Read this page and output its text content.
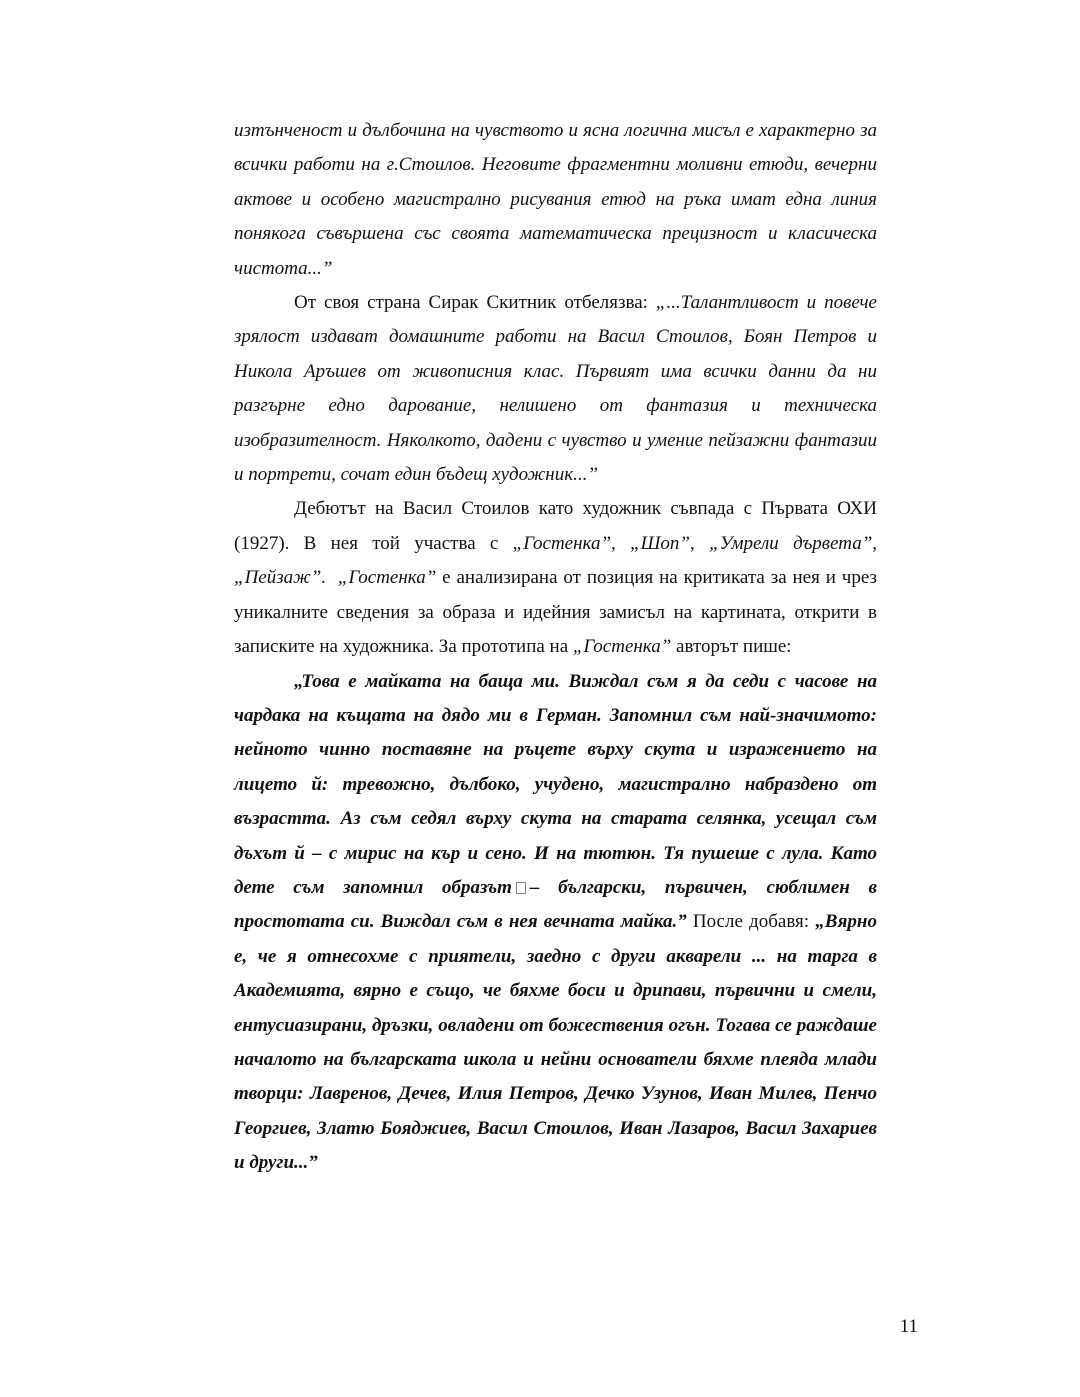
изтънченост и дълбочина на чувството и ясна логична мисъл е характерно за всички работи на г.Стоилов. Неговите фрагментни моливни етюди, вечерни актове и особено магистрално рисувания етюд на ръка имат една линия понякога съвършена със своята математическа прецизност и класическа чистота...”

От своя страна Сирак Скитник отбелязва: „...Талантливост и повече зрялост издават домашните работи на Васил Стоилов, Боян Петров и Никола Аръшев от живописния клас. Първият има всички данни да ни разгърне едно дарование, нелишено от фантазия и техническа изобразителност. Няколкото, дадени с чувство и умение пейзажни фантазии и портрети, сочат един бъдещ художник...”

Дебютът на Васил Стоилов като художник съвпада с Първата ОХИ (1927). В нея той участва с „Гостенка”, „Шоп”, „Умрели дървета”, „Пейзаж”. „Гостенка” е анализирана от позиция на критиката за нея и чрез уникалните сведения за образа и идейния замисъл на картината, открити в записките на художника. За прототипа на „Гостенка” авторът пише:

„Това е майката на баща ми. Виждал съм я да седи с часове на чардака на къщата на дядо ми в Герман. Запомнил съм най-значимото: нейното чинно поставяне на ръцете върху скута и изражението на лицето й: тревожно, дълбоко, учудено, магистрално набраздено от възрастта. Аз съм седял върху скута на старата селянка, усещал съм дъхът й – с мирис на кър и сено. И на тютюн. Тя пушеше с лула. Като дете съм запомнил образът – български, първичен, сюблимен в простотата си. Виждал съм в нея вечната майка.” После добавя: „Вярно е, че я отнесохме с приятели, заедно с други акварели ... на тарга в Академията, вярно е също, че бяхме боси и дрипави, първични и смели, ентусиазирани, дръзки, овладени от божествения огън. Тогава се раждаше началото на българската школа и нейни основатели бяхме плеяда млади творци: Лавренов, Дечев, Илия Петров, Дечко Узунов, Иван Милев, Пенчо Георгиев, Златю Бояджиев, Васил Стоилов, Иван Лазаров, Васил Захариев и други...”

11
